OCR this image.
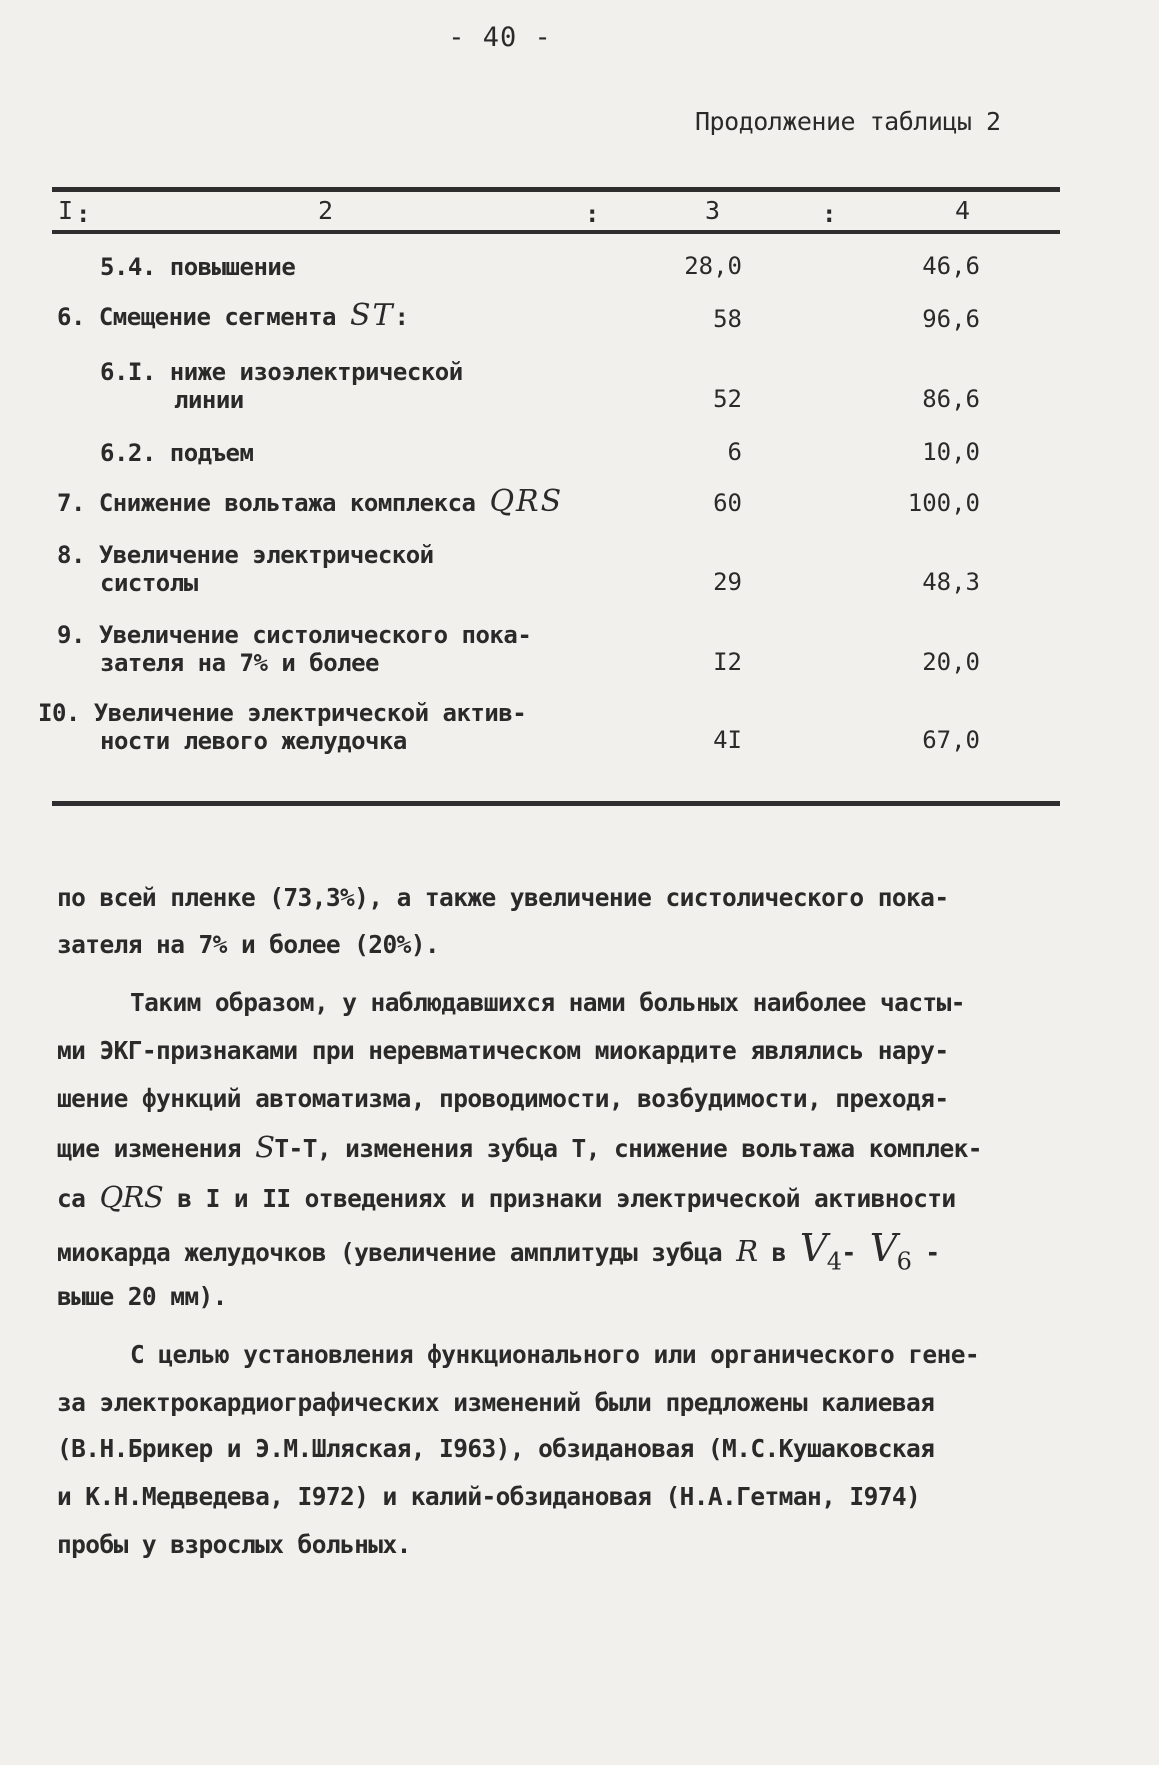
- 40 -
Продолжение таблицы 2
I :	2	:	3	:	4
5.4. повышение	28,0	46,6
6. Смещение сегмента ST:	58	96,6
6.I. ниже изоэлектрической
линии	52	86,6
6.2. подъем	6	10,0
7. Снижение вольтажа комплекса QRS	60	100,0
8. Увеличение электрической
систолы	29	48,3
9. Увеличение систолического пока-
зателя на 7% и более	I2	20,0
I0. Увеличение электрической актив-
ности левого желудочка	4I	67,0
по всей пленке (73,3%), а также увеличение систолического пока-
зателя на 7% и более (20%).
Таким образом, у наблюдавшихся нами больных наиболее часты-
ми ЭКГ-признаками при неревматическом миокардите являлись нару-
шение функций автоматизма, проводимости, возбудимости, преходя-
щие изменения ST-T, изменения зубца Т, снижение вольтажа комплек-
са QRS в I и II отведениях и признаки электрической активности
миокарда желудочков (увеличение амплитуды зубца R в $V_4-$ $V_6$ -
выше 20 мм).
С целью установления функционального или органического гене-
за электрокардиографических изменений были предложены калиевая
(В.Н.Брикер и Э.М.Шляская, I963), обзидановая (М.С.Кушаковская
и К.Н.Медведева, I972) и калий-обзидановая (Н.А.Гетман, I974)
пробы у взрослых больных.
